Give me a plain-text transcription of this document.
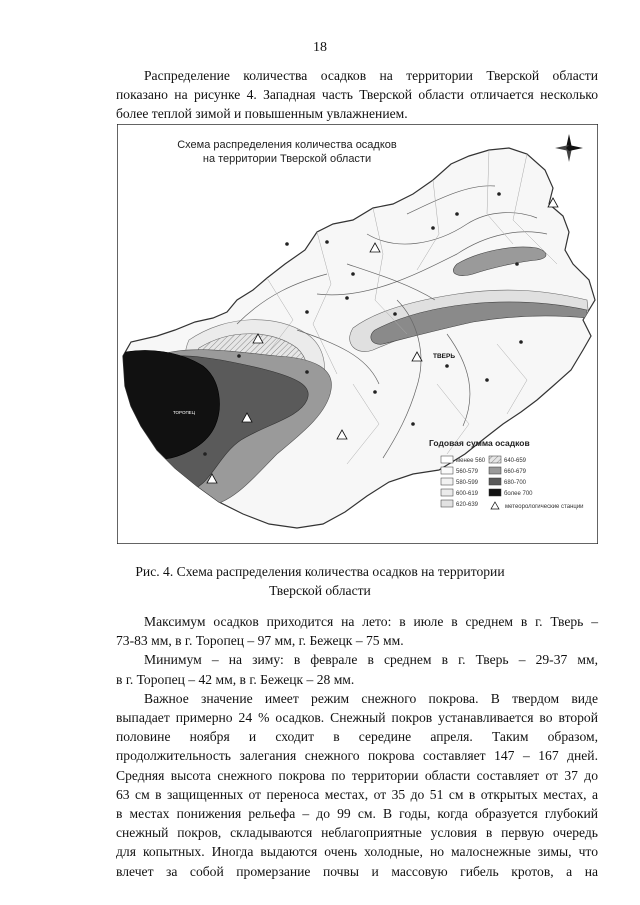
18
Распределение количества осадков на территории Тверской области
показано на рисунке 4. Западная часть Тверской области отличается несколько
более теплой зимой и повышенным увлажнением.
Схема распределения количества осадков
на территории Тверской области
ТВЕРЬ
ТОРОПЕЦ
Годовая сумма осадков
менее 560	640-659
560-579	660-679
580-599	680-700
600-619	более 700
620-639	метеорологические станции
Рис. 4. Схема распределения количества осадков на территории
Тверской области
Максимум осадков приходится на лето: в июле в среднем в г. Тверь –
73-83 мм, в г. Торопец – 97 мм, г. Бежецк – 75 мм.
Минимум – на зиму: в феврале в среднем в г. Тверь – 29-37 мм,
в г. Торопец – 42 мм, в г. Бежецк – 28 мм.
Важное значение имеет режим снежного покрова. В твердом виде
выпадает примерно 24 % осадков. Снежный покров устанавливается во второй
половине ноября и сходит в середине апреля. Таким образом,
продолжительность залегания снежного покрова составляет 147 – 167 дней.
Средняя высота снежного покрова по территории области составляет от 37 до
63 см в защищенных от переноса местах, от 35 до 51 см в открытых местах, а
в местах понижения рельефа – до 99 см. В годы, когда образуется глубокий
снежный покров, складываются неблагоприятные условия в первую очередь
для копытных. Иногда выдаются очень холодные, но малоснежные зимы, что
влечет за собой промерзание почвы и массовую гибель кротов, а на
